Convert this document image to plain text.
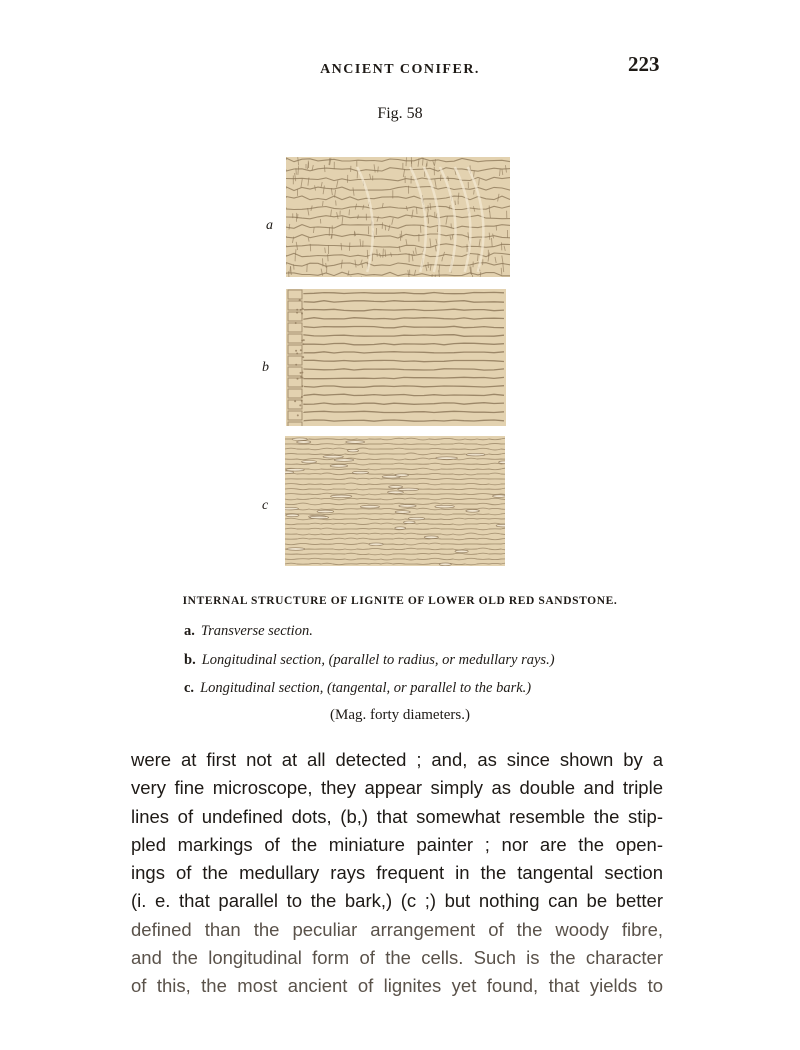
ANCIENT CONIFER.	223
Fig. 58
a
b
c
INTERNAL STRUCTURE OF LIGNITE OF LOWER OLD RED SANDSTONE.
a. Transverse section.
b. Longitudinal section, (parallel to radius, or medullary rays.)
c. Longitudinal section, (tangental, or parallel to the bark.)
(Mag. forty diameters.)
were at first not at all detected ; and, as since shown by a
very fine microscope, they appear simply as double and triple
lines of undefined dots, (b,) that somewhat resemble the stip-
pled markings of the miniature painter ; nor are the open-
ings of the medullary rays frequent in the tangental section
(i. e. that parallel to the bark,) (c ;) but nothing can be better
defined than the peculiar arrangement of the woody fibre,
and the longitudinal form of the cells. Such is the character
of this, the most ancient of lignites yet found, that yields to
